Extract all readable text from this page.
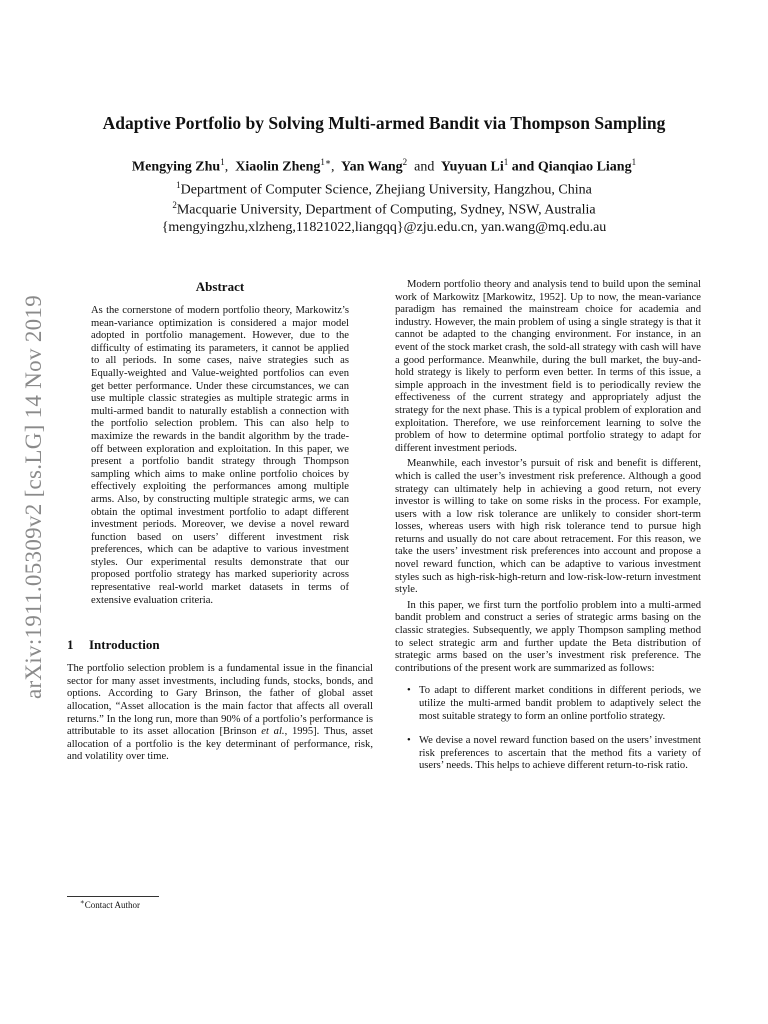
arXiv:1911.05309v2 [cs.LG] 14 Nov 2019
Adaptive Portfolio by Solving Multi-armed Bandit via Thompson Sampling
Mengying Zhu$^1$, Xiaolin Zheng$^{1∗}$, Yan Wang$^2$ and Yuyuan Li$^1$ and Qianqiao Liang$^1$
$^1$Department of Computer Science, Zhejiang University, Hangzhou, China
$^2$Macquarie University, Department of Computing, Sydney, NSW, Australia
{mengyingzhu,xlzheng,11821022,liangqq}@zju.edu.cn, yan.wang@mq.edu.au
Abstract

As the cornerstone of modern portfolio theory, Markowitz’s mean-variance optimization is considered a major model adopted in portfolio management. However, due to the difficulty of estimating its parameters, it cannot be applied to all periods. In some cases, naive strategies such as Equally-weighted and Value-weighted portfolios can even get better performance. Under these circumstances, we can use multiple classic strategies as multiple strategic arms in multi-armed bandit to naturally establish a connection with the portfolio selection problem. This can also help to maximize the rewards in the bandit algorithm by the trade-off between exploration and exploitation. In this paper, we present a portfolio bandit strategy through Thompson sampling which aims to make online portfolio choices by effectively exploiting the performances among multiple arms. Also, by constructing multiple strategic arms, we can obtain the optimal investment portfolio to adapt different investment periods. Moreover, we devise a novel reward function based on users’ different investment risk preferences, which can be adaptive to various investment styles. Our experimental results demonstrate that our proposed portfolio strategy has marked superiority across representative real-world market datasets in terms of extensive evaluation criteria.

1 Introduction

The portfolio selection problem is a fundamental issue in the financial sector for many asset investments, including funds, stocks, bonds, and options. According to Gary Brinson, the father of global asset allocation, “Asset allocation is the main factor that affects all overall returns.” In the long run, more than 90% of a portfolio’s performance is attributable to its asset allocation [Brinson et al., 1995]. Thus, asset allocation of a portfolio is the key determinant of performance, risk, and volatility over time.

Modern portfolio theory and analysis tend to build upon the seminal work of Markowitz [Markowitz, 1952]. Up to now, the mean-variance paradigm has remained the mainstream choice for academia and industry. However, the main problem of using a single strategy is that it cannot be adapted to the changing environment. For instance, in an event of the stock market crash, the sold-all strategy with cash will have a good performance. Meanwhile, during the bull market, the buy-and-hold strategy is likely to perform even better. In terms of this issue, a simple approach in the investment field is to periodically review the effectiveness of the current strategy and appropriately adjust the strategy for the next phase. This is a typical problem of exploration and exploitation. Therefore, we use reinforcement learning to solve the problem of how to determine optimal portfolio strategy to adapt for different investment periods.

Meanwhile, each investor’s pursuit of risk and benefit is different, which is called the user’s investment risk preference. Although a good strategy can ultimately help in achieving a good return, not every investor is willing to take on some risks in the process. For example, users with a low risk tolerance are unlikely to consider short-term losses, whereas users with high risk tolerance tend to pursue high returns and usually do not care about retracement. For this reason, we take the users’ investment risk preferences into account and propose a novel reward function, which can be adaptive to various investment styles such as high-risk-high-return and low-risk-low-return investment style.

In this paper, we first turn the portfolio problem into a multi-armed bandit problem and construct a series of strategic arms basing on the classic strategies. Subsequently, we apply Thompson sampling method to select strategic arm and further update the Beta distribution of strategic arms based on the user’s investment risk preference. The contributions of the present work are summarized as follows:

• To adapt to different market conditions in different periods, we utilize the multi-armed bandit problem to adaptively select the most suitable strategy to form an online portfolio strategy.
• We devise a novel reward function based on the users’ investment risk preferences to ascertain that the method fits a variety of users’ needs. This helps to achieve different return-to-risk ratio.
∗Contact Author
